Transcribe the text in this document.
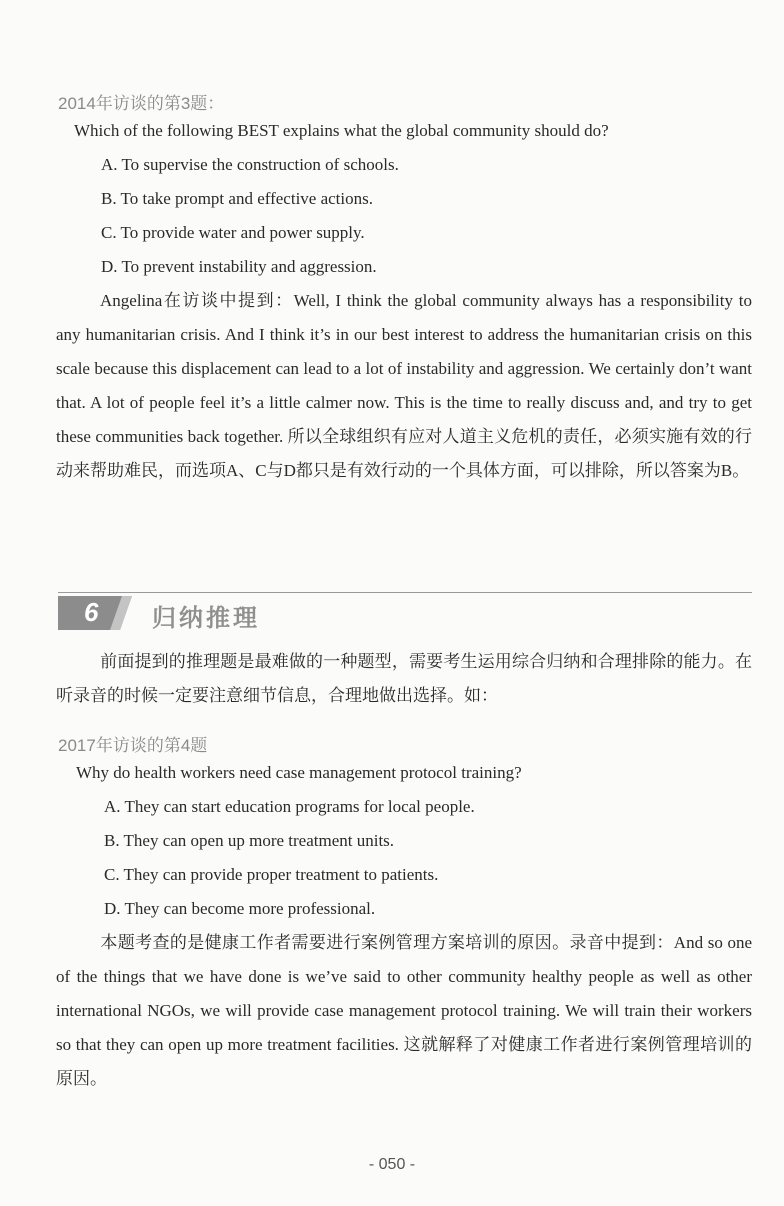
2014年访谈的第3题：
Which of the following BEST explains what the global community should do?
A. To supervise the construction of schools.
B. To take prompt and effective actions.
C. To provide water and power supply.
D. To prevent instability and aggression.
Angelina在访谈中提到：Well, I think the global community always has a responsibility to any humanitarian crisis. And I think it’s in our best interest to address the humanitarian crisis on this scale because this displacement can lead to a lot of instability and aggression. We certainly don’t want that. A lot of people feel it’s a little calmer now. This is the time to really discuss and, and try to get these communities back together. 所以全球组织有应对人道主义危机的责任，必须实施有效的行动来帮助难民，而选项A、C与D都只是有效行动的一个具体方面，可以排除，所以答案为B。
6 归纳推理
前面提到的推理题是最难做的一种题型，需要考生运用综合归纳和合理排除的能力。在听录音的时候一定要注意细节信息，合理地做出选择。如：
2017年访谈的第4题
Why do health workers need case management protocol training?
A. They can start education programs for local people.
B. They can open up more treatment units.
C. They can provide proper treatment to patients.
D. They can become more professional.
本题考查的是健康工作者需要进行案例管理方案培训的原因。录音中提到：And so one of the things that we have done is we’ve said to other community healthy people as well as other international NGOs, we will provide case management protocol training. We will train their workers so that they can open up more treatment facilities. 这就解释了对健康工作者进行案例管理培训的原因。
- 050 -
